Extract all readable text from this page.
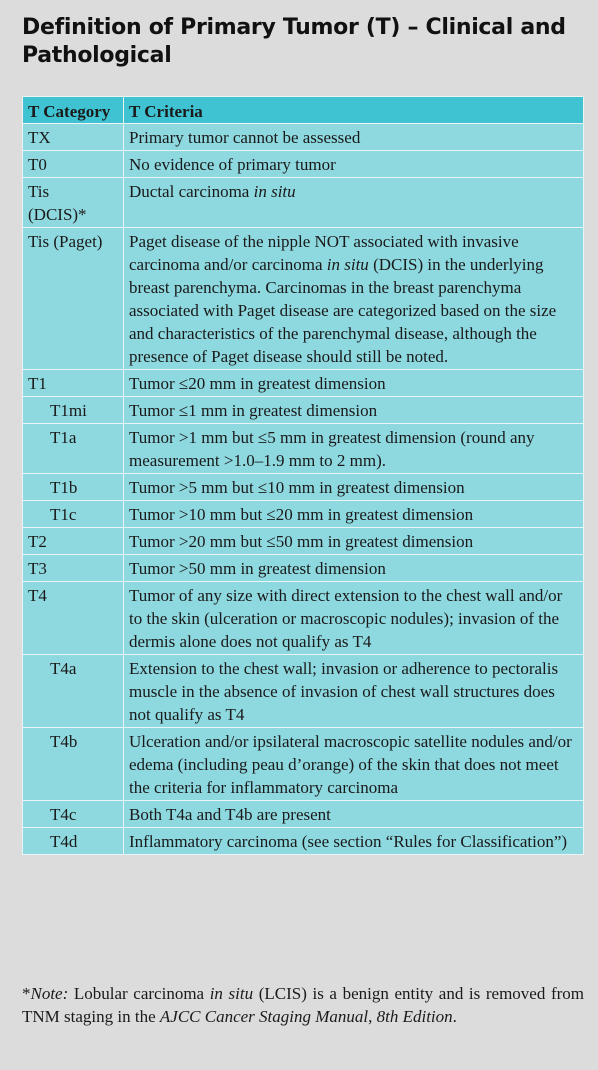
Definition of Primary Tumor (T) – Clinical and Pathological
T Category	T Criteria
TX	Primary tumor cannot be assessed
T0	No evidence of primary tumor
Tis (DCIS)*	Ductal carcinoma in situ
Tis (Paget)	Paget disease of the nipple NOT associated with invasive carcinoma and/or carcinoma in situ (DCIS) in the underlying breast parenchyma. Carcinomas in the breast parenchyma associated with Paget disease are categorized based on the size and characteristics of the parenchymal disease, although the presence of Paget disease should still be noted.
T1	Tumor ≤20 mm in greatest dimension
T1mi	Tumor ≤1 mm in greatest dimension
T1a	Tumor >1 mm but ≤5 mm in greatest dimension (round any measurement >1.0–1.9 mm to 2 mm).
T1b	Tumor >5 mm but ≤10 mm in greatest dimension
T1c	Tumor >10 mm but ≤20 mm in greatest dimension
T2	Tumor >20 mm but ≤50 mm in greatest dimension
T3	Tumor >50 mm in greatest dimension
T4	Tumor of any size with direct extension to the chest wall and/or to the skin (ulceration or macroscopic nodules); invasion of the dermis alone does not qualify as T4
T4a	Extension to the chest wall; invasion or adherence to pectoralis muscle in the absence of invasion of chest wall structures does not qualify as T4
T4b	Ulceration and/or ipsilateral macroscopic satellite nodules and/or edema (including peau d’orange) of the skin that does not meet the criteria for inflammatory carcinoma
T4c	Both T4a and T4b are present
T4d	Inflammatory carcinoma (see section “Rules for Classification”)
*Note: Lobular carcinoma in situ (LCIS) is a benign entity and is removed from TNM staging in the AJCC Cancer Staging Manual, 8th Edition.
